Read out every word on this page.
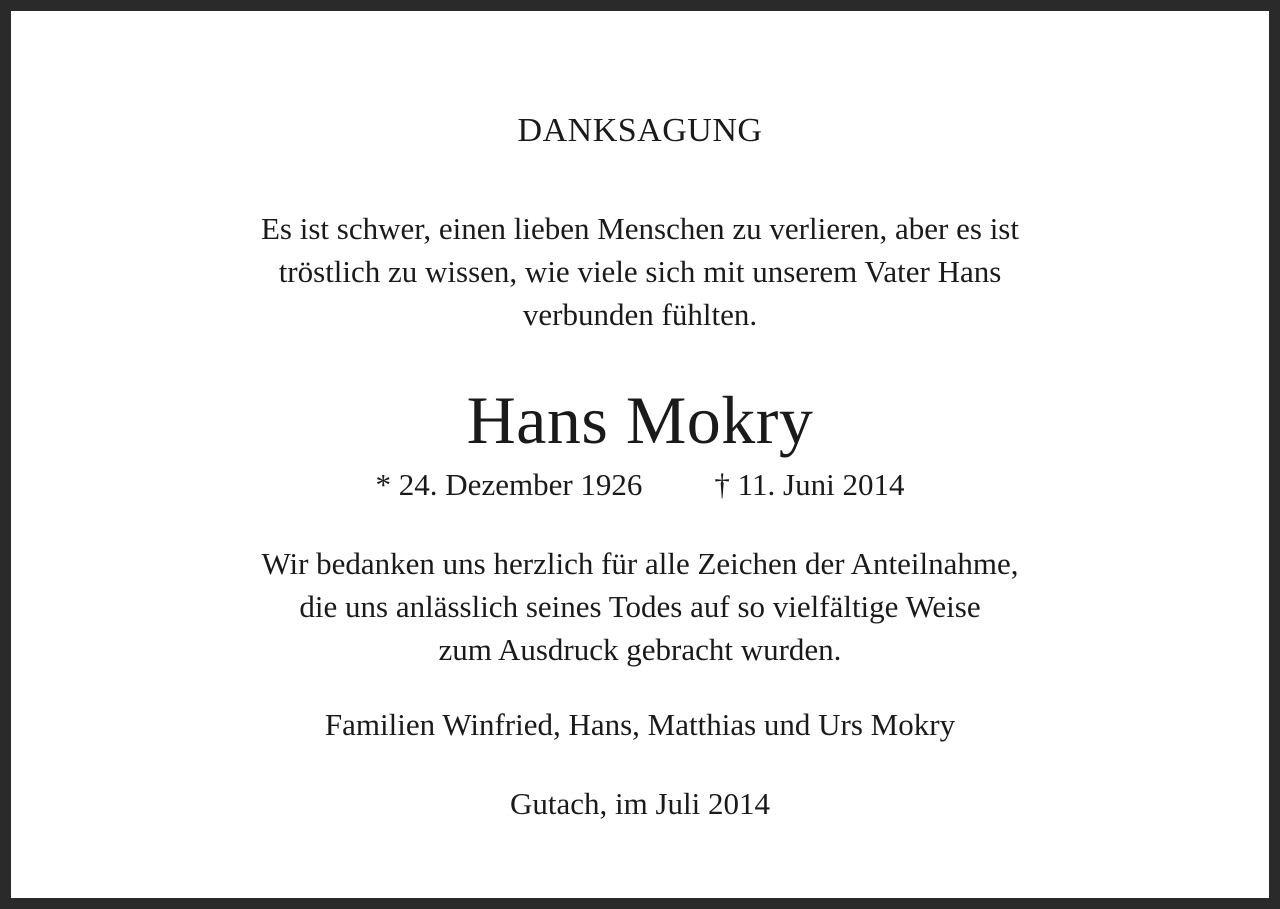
DANKSAGUNG
Es ist schwer, einen lieben Menschen zu verlieren, aber es ist
tröstlich zu wissen, wie viele sich mit unserem Vater Hans
verbunden fühlten.
Hans Mokry
* 24. Dezember 1926 † 11. Juni 2014
Wir bedanken uns herzlich für alle Zeichen der Anteilnahme,
die uns anlässlich seines Todes auf so vielfältige Weise
zum Ausdruck gebracht wurden.
Familien Winfried, Hans, Matthias und Urs Mokry
Gutach, im Juli 2014
